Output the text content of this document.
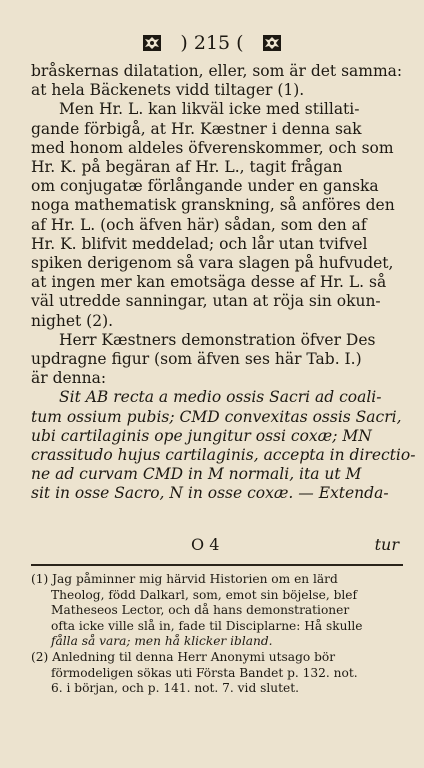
) 215 (
bråskernas dilatation, eller, som är det samma:
at hela Bäckenets vidd tiltager (1).
Men Hr. L. kan likväl icke med stillati-
gande förbigå, at Hr. Kæstner i denna sak
med honom aldeles öfverenskommer, och som
Hr. K. på begäran af Hr. L., tagit frågan
om conjugatæ förlångande under en ganska
noga mathematisk granskning, så anföres den
af Hr. L. (och äfven här) sådan, som den af
Hr. K. blifvit meddelad; och lår utan tvifvel
spiken derigenom så vara slagen på hufvudet,
at ingen mer kan emotsäga desse af Hr. L. så
väl utredde sanningar, utan at röja sin okun-
nighet (2).
Herr Kæstners demonstration öfver Des
updragne figur (som äfven ses här Tab. I.)
är denna:
Sit AB recta a medio ossis Sacri ad coali-
tum ossium pubis; CMD convexitas ossis Sacri,
ubi cartilaginis ope jungitur ossi coxæ; MN
crassitudo hujus cartilaginis, accepta in directio-
ne ad curvam CMD in M normali, ita ut M
sit in osse Sacro, N in osse coxæ. — Extenda-
O 4	tur
(1) Jag påminner mig härvid Historien om en lärd
Theolog, född Dalkarl, som, emot sin böjelse, blef
Matheseos Lector, och då hans demonstrationer
ofta icke ville slå in, fade til Disciplarne: Hå skulle
fålla så vara; men hå klicker ibland.
(2) Anledning til denna Herr Anonymi utsago bör
förmodeligen sökas uti Första Bandet p. 132. not.
6. i början, och p. 141. not. 7. vid slutet.
